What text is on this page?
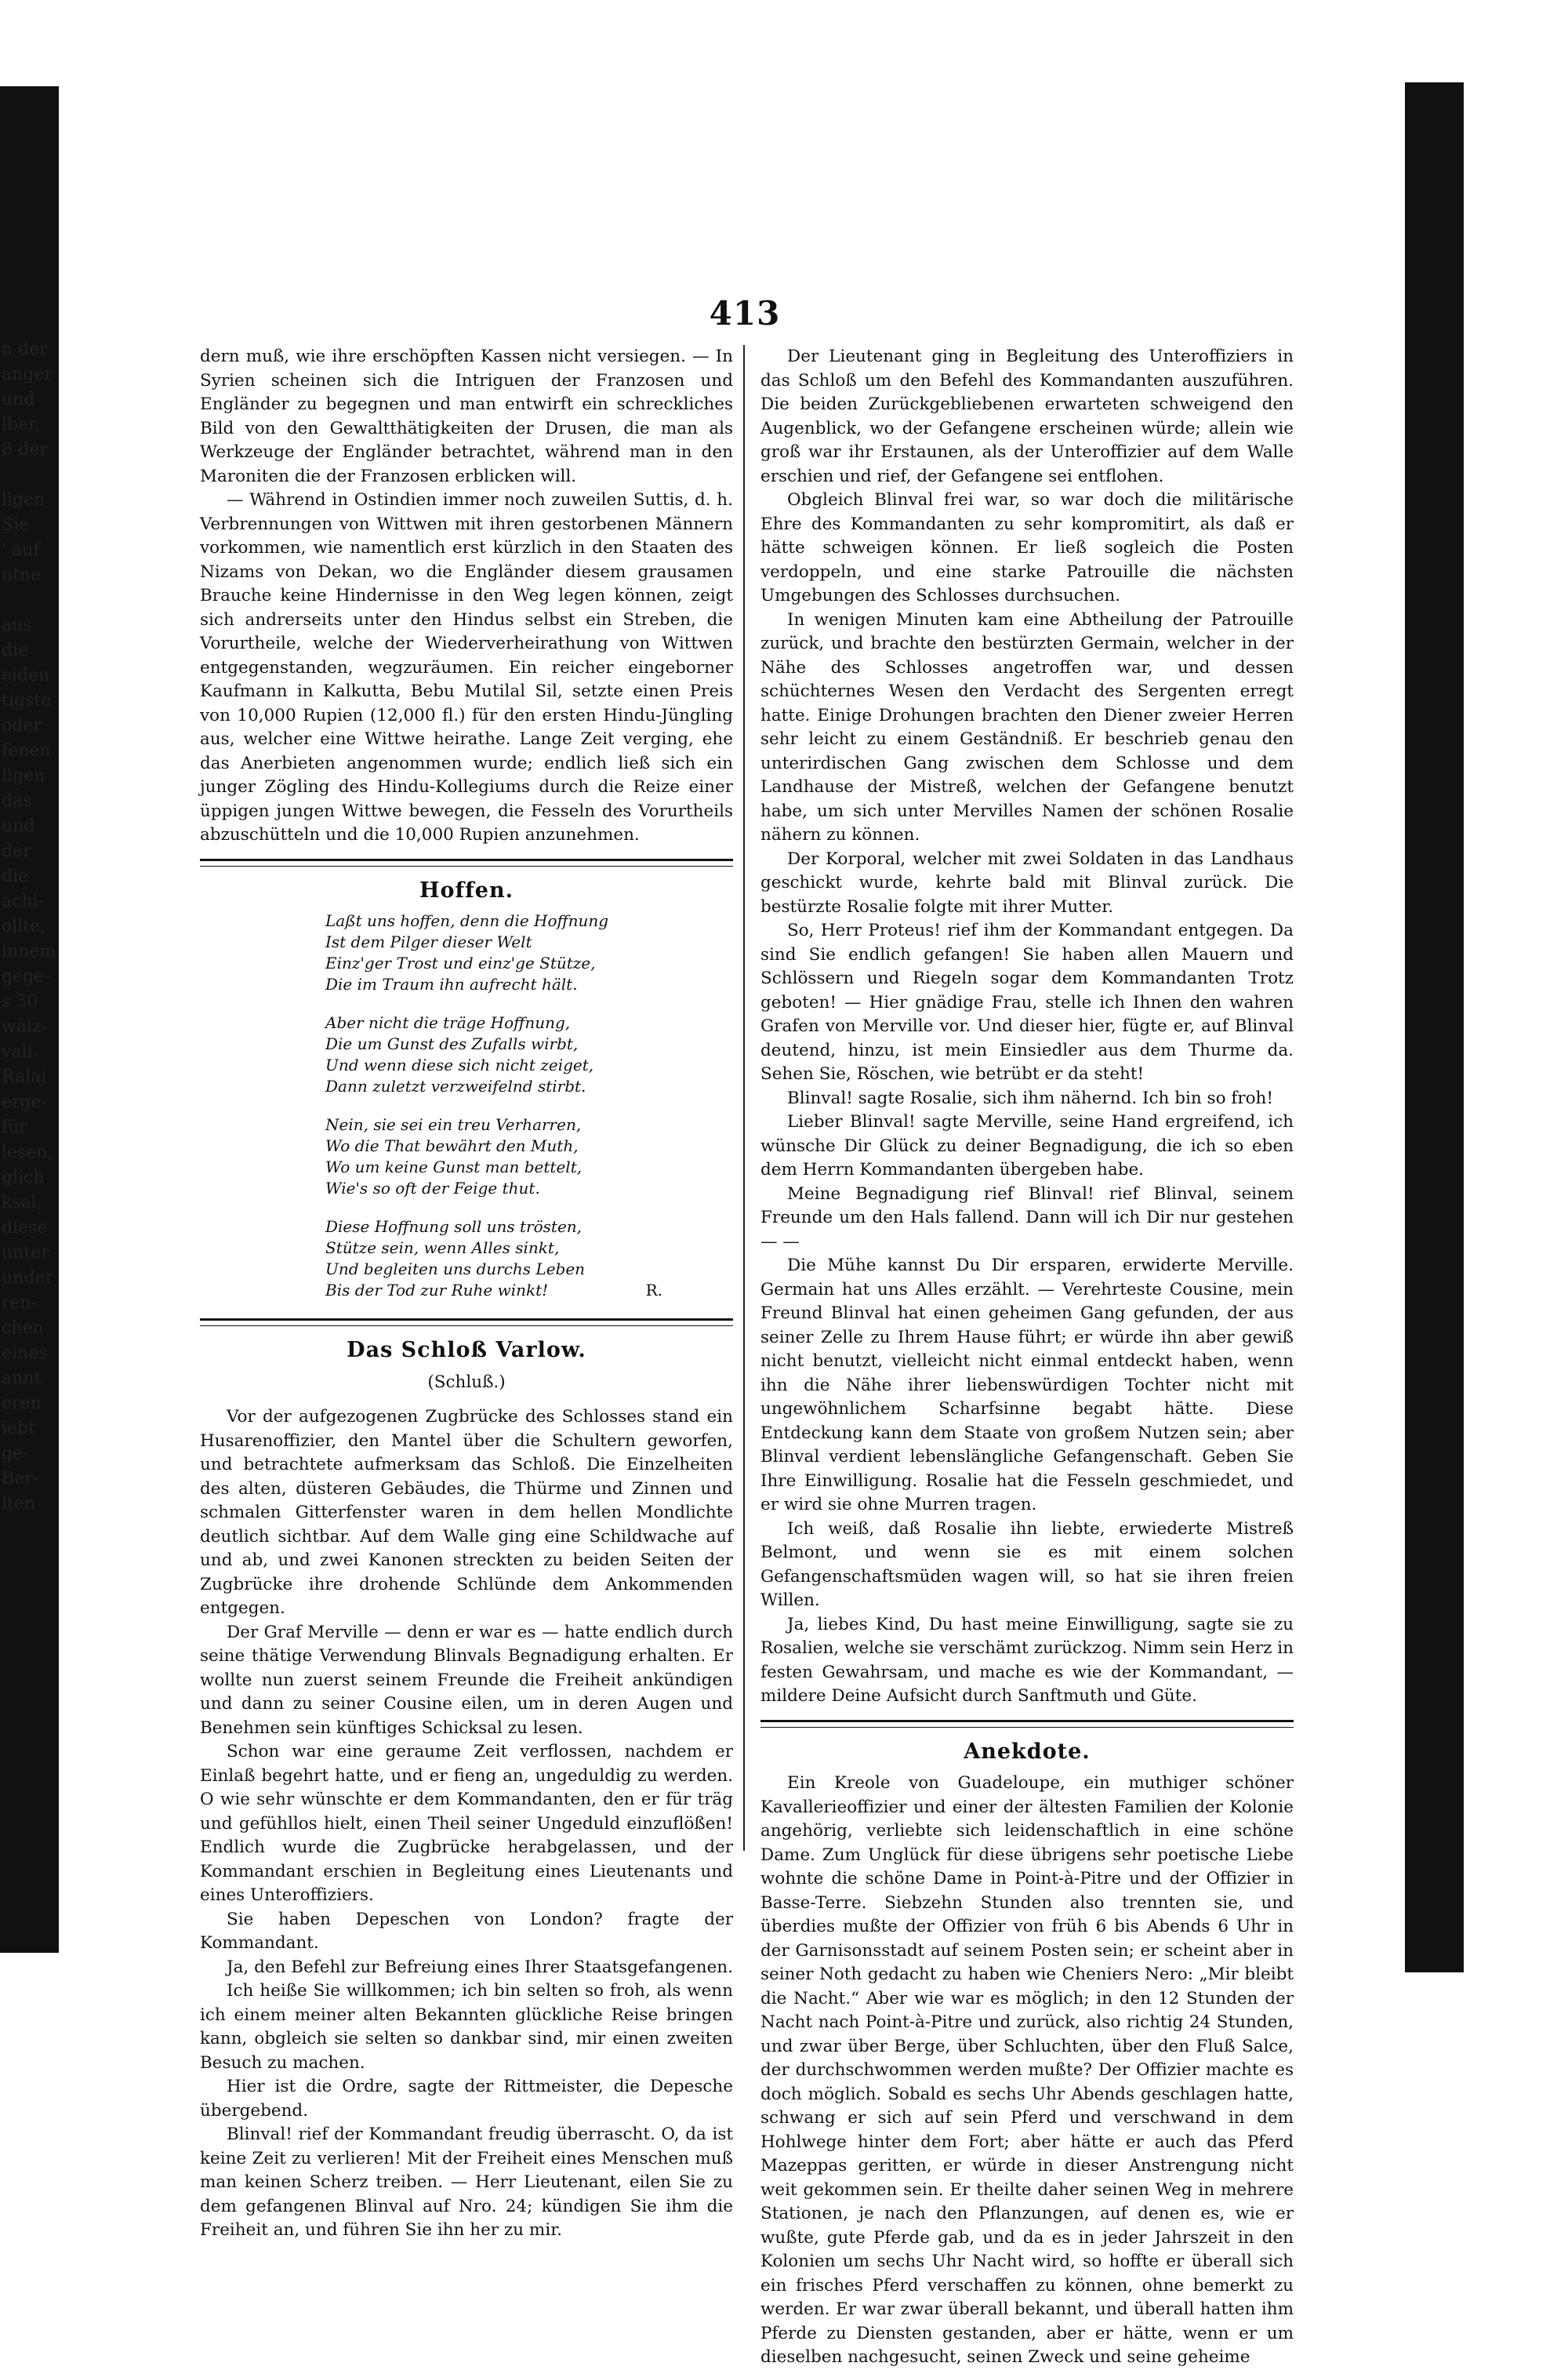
n der
anger
und
lber,
8 der
ligen
Sie
' auf
ntne
aus
die
eiden
tigste
oder
fenen
ligen
das
und
der
die
achi-
ollte,
innem
gege-
s 30
wälz-
vall.
Ralaj
erge-
für
lesen,
glich
ksal,
diese
unter
under
ren-
chen
eines
annt
eren
iebt
ge-
Ber-
lten
413

dern muß, wie ihre erschöpften Kassen nicht versiegen. — In Syrien scheinen sich die Intriguen der Franzosen und Engländer zu begegnen und man entwirft ein schreckliches Bild von den Gewaltthätigkeiten der Drusen, die man als Werkzeuge der Engländer betrachtet, während man in den Maroniten die der Franzosen erblicken will.

— Während in Ostindien immer noch zuweilen Suttis, d. h. Verbrennungen von Wittwen mit ihren gestorbenen Männern vorkommen, wie namentlich erst kürzlich in den Staaten des Nizams von Dekan, wo die Engländer diesem grausamen Brauche keine Hindernisse in den Weg legen können, zeigt sich andrerseits unter den Hindus selbst ein Streben, die Vorurtheile, welche der Wiederverheirathung von Wittwen entgegenstanden, wegzuräumen. Ein reicher eingeborner Kaufmann in Kalkutta, Bebu Mutilal Sil, setzte einen Preis von 10,000 Rupien (12,000 fl.) für den ersten Hindu-Jüngling aus, welcher eine Wittwe heirathe. Lange Zeit verging, ehe das Anerbieten angenommen wurde; endlich ließ sich ein junger Zögling des Hindu-Kollegiums durch die Reize einer üppigen jungen Wittwe bewegen, die Fesseln des Vorurtheils abzuschütteln und die 10,000 Rupien anzunehmen.

Hoffen.
Laßt uns hoffen, denn die Hoffnung
Ist dem Pilger dieser Welt
Einz'ger Trost und einz'ge Stütze,
Die im Traum ihn aufrecht hält.
Aber nicht die träge Hoffnung,
Die um Gunst des Zufalls wirbt,
Und wenn diese sich nicht zeiget,
Dann zuletzt verzweifelnd stirbt.
Nein, sie sei ein treu Verharren,
Wo die That bewährt den Muth,
Wo um keine Gunst man bettelt,
Wie's so oft der Feige thut.
Diese Hoffnung soll uns trösten,
Stütze sein, wenn Alles sinkt,
Und begleiten uns durchs Leben
Bis der Tod zur Ruhe winkt!	R.
Das Schloß Varlow.
(Schluß.)

Vor der aufgezogenen Zugbrücke des Schlosses stand ein Husarenoffizier, den Mantel über die Schultern geworfen, und betrachtete aufmerksam das Schloß. Die Einzelheiten des alten, düsteren Gebäudes, die Thürme und Zinnen und schmalen Gitterfenster waren in dem hellen Mondlichte deutlich sichtbar. Auf dem Walle ging eine Schildwache auf und ab, und zwei Kanonen streckten zu beiden Seiten der Zugbrücke ihre drohende Schlünde dem Ankommenden entgegen.

Der Graf Merville — denn er war es — hatte endlich durch seine thätige Verwendung Blinvals Begnadigung erhalten. Er wollte nun zuerst seinem Freunde die Freiheit ankündigen und dann zu seiner Cousine eilen, um in deren Augen und Benehmen sein künftiges Schicksal zu lesen.

Schon war eine geraume Zeit verflossen, nachdem er Einlaß begehrt hatte, und er fieng an, ungeduldig zu werden. O wie sehr wünschte er dem Kommandanten, den er für träg und gefühllos hielt, einen Theil seiner Ungeduld einzuflößen! Endlich wurde die Zugbrücke herabgelassen, und der Kommandant erschien in Begleitung eines Lieutenants und eines Unteroffiziers.

Sie haben Depeschen von London? fragte der Kommandant.

Ja, den Befehl zur Befreiung eines Ihrer Staatsgefangenen.

Ich heiße Sie willkommen; ich bin selten so froh, als wenn ich einem meiner alten Bekannten glückliche Reise bringen kann, obgleich sie selten so dankbar sind, mir einen zweiten Besuch zu machen.

Hier ist die Ordre, sagte der Rittmeister, die Depesche übergebend.

Blinval! rief der Kommandant freudig überrascht. O, da ist keine Zeit zu verlieren! Mit der Freiheit eines Menschen muß man keinen Scherz treiben. — Herr Lieutenant, eilen Sie zu dem gefangenen Blinval auf Nro. 24; kündigen Sie ihm die Freiheit an, und führen Sie ihn her zu mir.

Der Lieutenant ging in Begleitung des Unteroffiziers in das Schloß um den Befehl des Kommandanten auszuführen. Die beiden Zurückgebliebenen erwarteten schweigend den Augenblick, wo der Gefangene erscheinen würde; allein wie groß war ihr Erstaunen, als der Unteroffizier auf dem Walle erschien und rief, der Gefangene sei entflohen.

Obgleich Blinval frei war, so war doch die militärische Ehre des Kommandanten zu sehr kompromitirt, als daß er hätte schweigen können. Er ließ sogleich die Posten verdoppeln, und eine starke Patrouille die nächsten Umgebungen des Schlosses durchsuchen.

In wenigen Minuten kam eine Abtheilung der Patrouille zurück, und brachte den bestürzten Germain, welcher in der Nähe des Schlosses angetroffen war, und dessen schüchternes Wesen den Verdacht des Sergenten erregt hatte. Einige Drohungen brachten den Diener zweier Herren sehr leicht zu einem Geständniß. Er beschrieb genau den unterirdischen Gang zwischen dem Schlosse und dem Landhause der Mistreß, welchen der Gefangene benutzt habe, um sich unter Mervilles Namen der schönen Rosalie nähern zu können.

Der Korporal, welcher mit zwei Soldaten in das Landhaus geschickt wurde, kehrte bald mit Blinval zurück. Die bestürzte Rosalie folgte mit ihrer Mutter.

So, Herr Proteus! rief ihm der Kommandant entgegen. Da sind Sie endlich gefangen! Sie haben allen Mauern und Schlössern und Riegeln sogar dem Kommandanten Trotz geboten! — Hier gnädige Frau, stelle ich Ihnen den wahren Grafen von Merville vor. Und dieser hier, fügte er, auf Blinval deutend, hinzu, ist mein Einsiedler aus dem Thurme da. Sehen Sie, Röschen, wie betrübt er da steht!

Blinval! sagte Rosalie, sich ihm nähernd. Ich bin so froh!

Lieber Blinval! sagte Merville, seine Hand ergreifend, ich wünsche Dir Glück zu deiner Begnadigung, die ich so eben dem Herrn Kommandanten übergeben habe.

Meine Begnadigung rief Blinval! rief Blinval, seinem Freunde um den Hals fallend. Dann will ich Dir nur gestehen — —

Die Mühe kannst Du Dir ersparen, erwiderte Merville. Germain hat uns Alles erzählt. — Verehrteste Cousine, mein Freund Blinval hat einen geheimen Gang gefunden, der aus seiner Zelle zu Ihrem Hause führt; er würde ihn aber gewiß nicht benutzt, vielleicht nicht einmal entdeckt haben, wenn ihn die Nähe ihrer liebenswürdigen Tochter nicht mit ungewöhnlichem Scharfsinne begabt hätte. Diese Entdeckung kann dem Staate von großem Nutzen sein; aber Blinval verdient lebenslängliche Gefangenschaft. Geben Sie Ihre Einwilligung. Rosalie hat die Fesseln geschmiedet, und er wird sie ohne Murren tragen.

Ich weiß, daß Rosalie ihn liebte, erwiederte Mistreß Belmont, und wenn sie es mit einem solchen Gefangenschaftsmüden wagen will, so hat sie ihren freien Willen.

Ja, liebes Kind, Du hast meine Einwilligung, sagte sie zu Rosalien, welche sie verschämt zurückzog. Nimm sein Herz in festen Gewahrsam, und mache es wie der Kommandant, — mildere Deine Aufsicht durch Sanftmuth und Güte.

Anekdote.

Ein Kreole von Guadeloupe, ein muthiger schöner Kavallerieoffizier und einer der ältesten Familien der Kolonie angehörig, verliebte sich leidenschaftlich in eine schöne Dame. Zum Unglück für diese übrigens sehr poetische Liebe wohnte die schöne Dame in Point-à-Pitre und der Offizier in Basse-Terre. Siebzehn Stunden also trennten sie, und überdies mußte der Offizier von früh 6 bis Abends 6 Uhr in der Garnisonsstadt auf seinem Posten sein; er scheint aber in seiner Noth gedacht zu haben wie Cheniers Nero: „Mir bleibt die Nacht.“ Aber wie war es möglich; in den 12 Stunden der Nacht nach Point-à-Pitre und zurück, also richtig 24 Stunden, und zwar über Berge, über Schluchten, über den Fluß Salce, der durchschwommen werden mußte? Der Offizier machte es doch möglich. Sobald es sechs Uhr Abends geschlagen hatte, schwang er sich auf sein Pferd und verschwand in dem Hohlwege hinter dem Fort; aber hätte er auch das Pferd Mazeppas geritten, er würde in dieser Anstrengung nicht weit gekommen sein. Er theilte daher seinen Weg in mehrere Stationen, je nach den Pflanzungen, auf denen es, wie er wußte, gute Pferde gab, und da es in jeder Jahrszeit in den Kolonien um sechs Uhr Nacht wird, so hoffte er überall sich ein frisches Pferd verschaffen zu können, ohne bemerkt zu werden. Er war zwar überall bekannt, und überall hatten ihm Pferde zu Diensten gestanden, aber er hätte, wenn er um dieselben nachgesucht, seinen Zweck und seine geheime
